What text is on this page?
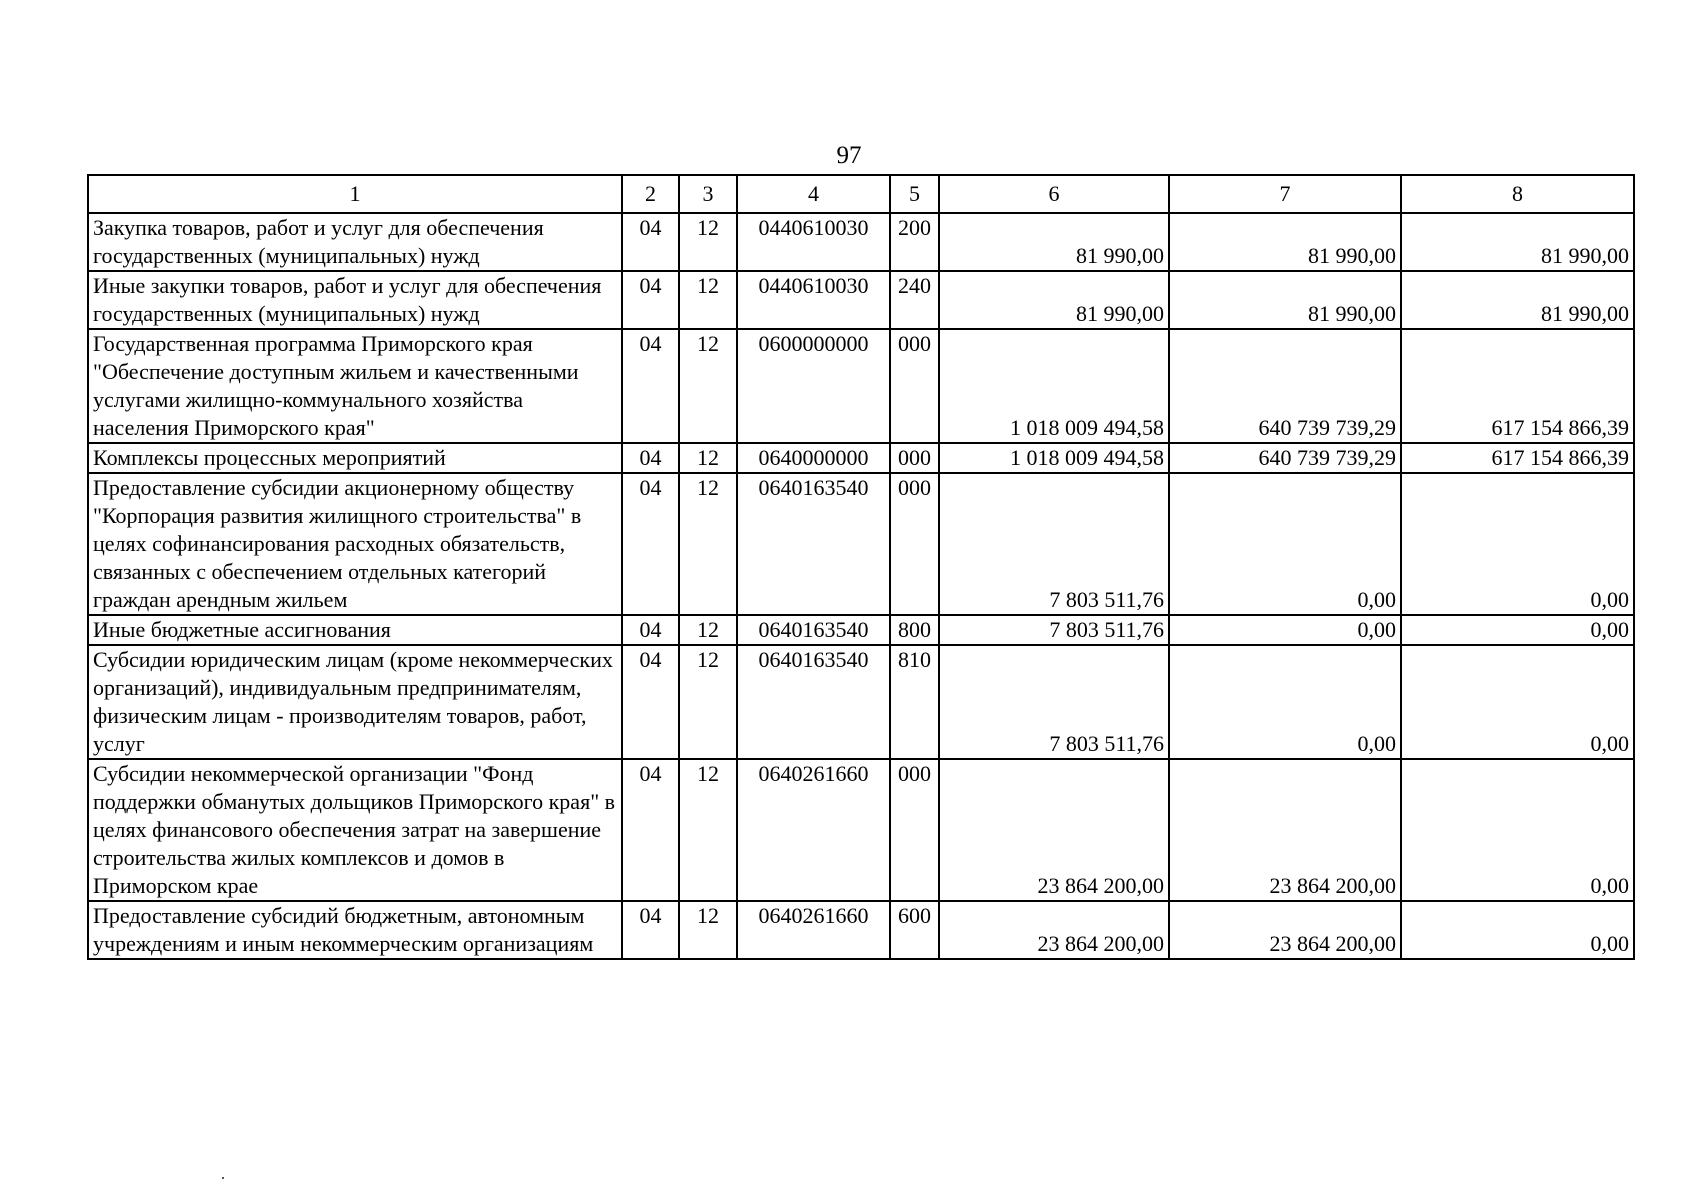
97
1	2	3	4	5	6	7	8
Закупка товаров, работ и услуг для обеспечения государственных (муниципальных) нужд	04	12	0440610030	200	81 990,00	81 990,00	81 990,00
Иные закупки товаров, работ и услуг для обеспечения государственных (муниципальных) нужд	04	12	0440610030	240	81 990,00	81 990,00	81 990,00
Государственная программа Приморского края "Обеспечение доступным жильем и качественными услугами жилищно-коммунального хозяйства населения Приморского края"	04	12	0600000000	000	1 018 009 494,58	640 739 739,29	617 154 866,39
Комплексы процессных мероприятий	04	12	0640000000	000	1 018 009 494,58	640 739 739,29	617 154 866,39
Предоставление субсидии акционерному обществу "Корпорация развития жилищного строительства" в целях софинансирования расходных обязательств, связанных с обеспечением отдельных категорий граждан арендным жильем	04	12	0640163540	000	7 803 511,76	0,00	0,00
Иные бюджетные ассигнования	04	12	0640163540	800	7 803 511,76	0,00	0,00
Субсидии юридическим лицам (кроме некоммерческих организаций), индивидуальным предпринимателям, физическим лицам - производителям товаров, работ, услуг	04	12	0640163540	810	7 803 511,76	0,00	0,00
Субсидии некоммерческой организации "Фонд поддержки обманутых дольщиков Приморского края" в целях финансового обеспечения затрат на завершение строительства жилых комплексов и домов в Приморском крае	04	12	0640261660	000	23 864 200,00	23 864 200,00	0,00
Предоставление субсидий бюджетным, автономным учреждениям и иным некоммерческим организациям	04	12	0640261660	600	23 864 200,00	23 864 200,00	0,00
